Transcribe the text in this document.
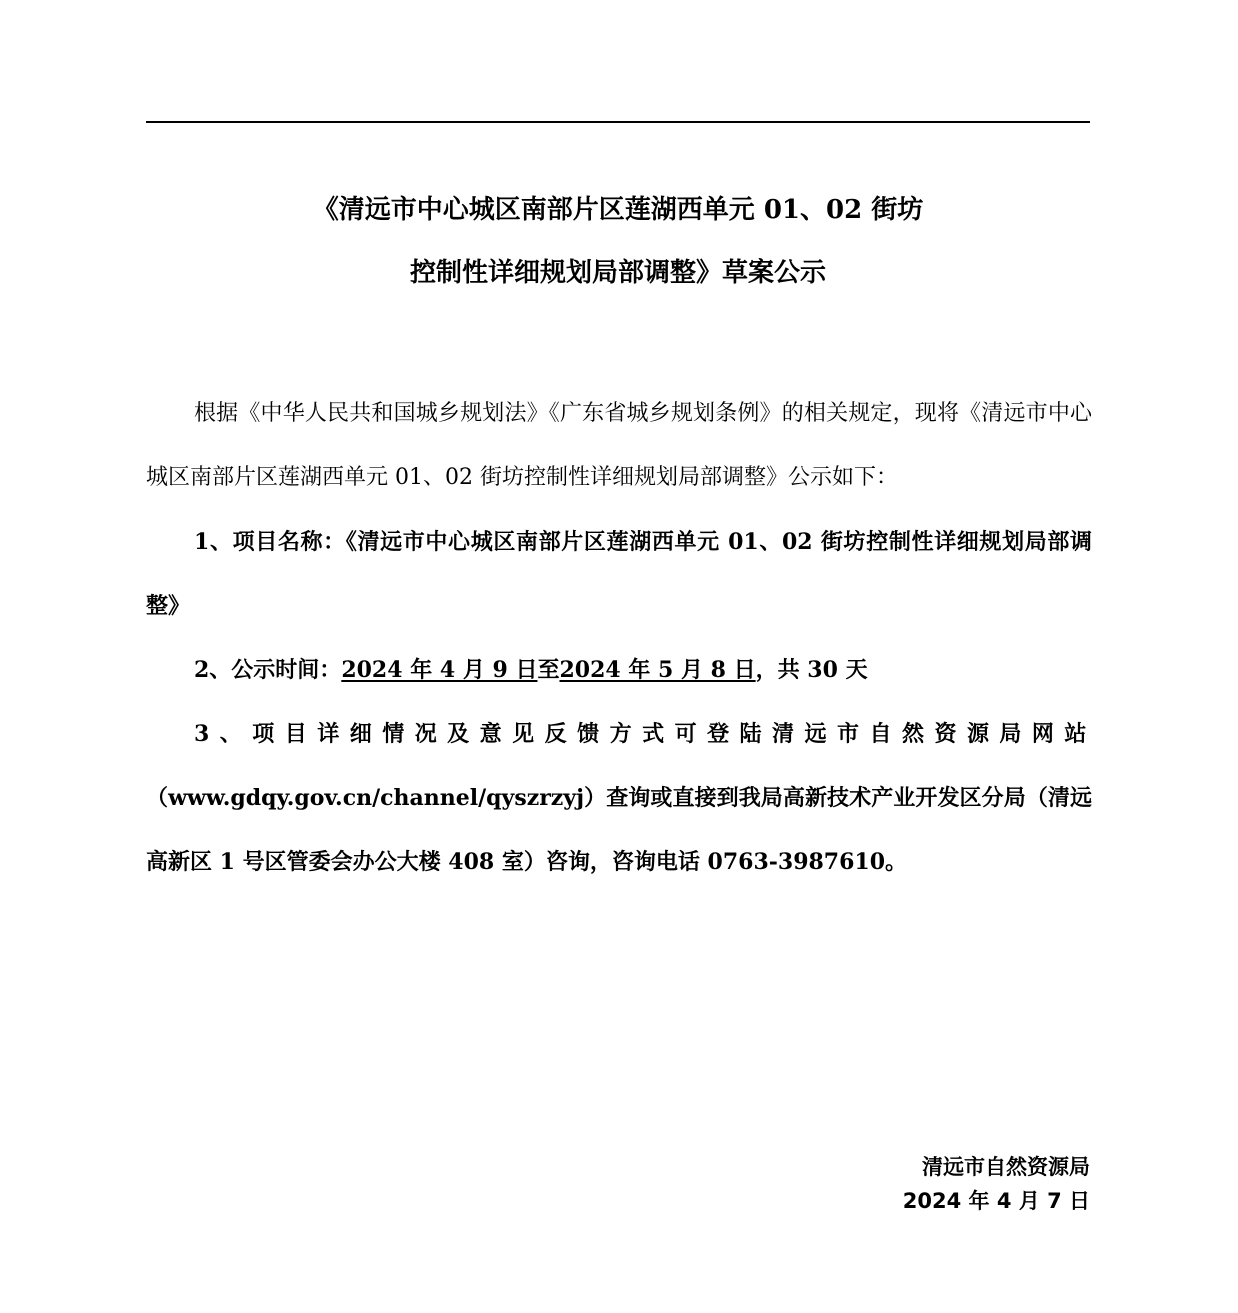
《清远市中心城区南部片区莲湖西单元 01、02 街坊
控制性详细规划局部调整》草案公示

根据《中华人民共和国城乡规划法》《广东省城乡规划条例》的相关规定，现将《清远市中心城区南部片区莲湖西单元 01、02 街坊控制性详细规划局部调整》公示如下：

1、项目名称：《清远市中心城区南部片区莲湖西单元 01、02 街坊控制性详细规划局部调整》

2、公示时间：2024 年 4 月 9 日至2024 年 5 月 8 日，共 30 天

3、项目详细情况及意见反馈方式可登陆清远市自然资源局网站（www.gdqy.gov.cn/channel/qyszrzyj）查询或直接到我局高新技术产业开发区分局（清远高新区 1 号区管委会办公大楼 408 室）咨询，咨询电话 0763-3987610。

清远市自然资源局
2024 年 4 月 7 日
